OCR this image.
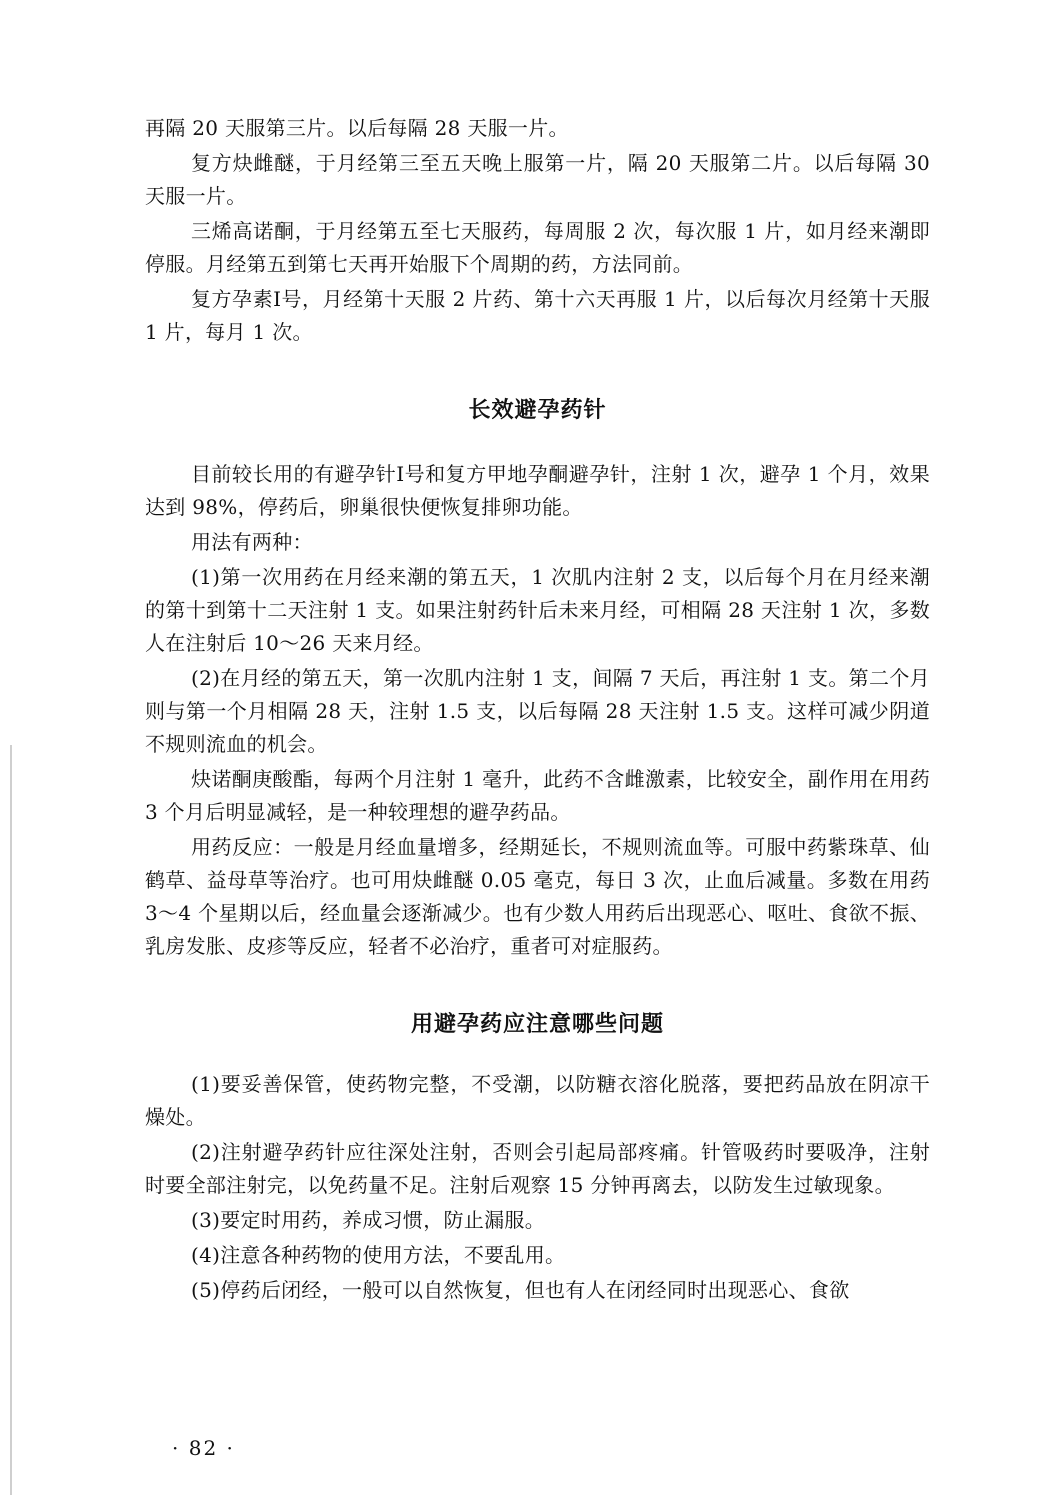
再隔 20 天服第三片。以后每隔 28 天服一片。

复方炔雌醚，于月经第三至五天晚上服第一片，隔 20 天服第二片。以后每隔 30 天服一片。

三烯高诺酮，于月经第五至七天服药，每周服 2 次，每次服 1 片，如月经来潮即停服。月经第五到第七天再开始服下个周期的药，方法同前。

复方孕素Ⅰ号，月经第十天服 2 片药、第十六天再服 1 片，以后每次月经第十天服 1 片，每月 1 次。

长效避孕药针

目前较长用的有避孕针Ⅰ号和复方甲地孕酮避孕针，注射 1 次，避孕 1 个月，效果达到 98%，停药后，卵巢很快便恢复排卵功能。

用法有两种：

(1)第一次用药在月经来潮的第五天，1 次肌内注射 2 支，以后每个月在月经来潮的第十到第十二天注射 1 支。如果注射药针后未来月经，可相隔 28 天注射 1 次，多数人在注射后 10～26 天来月经。

(2)在月经的第五天，第一次肌内注射 1 支，间隔 7 天后，再注射 1 支。第二个月则与第一个月相隔 28 天，注射 1.5 支，以后每隔 28 天注射 1.5 支。这样可减少阴道不规则流血的机会。

炔诺酮庚酸酯，每两个月注射 1 毫升，此药不含雌激素，比较安全，副作用在用药 3 个月后明显减轻，是一种较理想的避孕药品。

用药反应：一般是月经血量增多，经期延长，不规则流血等。可服中药紫珠草、仙鹤草、益母草等治疗。也可用炔雌醚 0.05 毫克，每日 3 次，止血后减量。多数在用药 3～4 个星期以后，经血量会逐渐减少。也有少数人用药后出现恶心、呕吐、食欲不振、乳房发胀、皮疹等反应，轻者不必治疗，重者可对症服药。

用避孕药应注意哪些问题

(1)要妥善保管，使药物完整，不受潮，以防糖衣溶化脱落，要把药品放在阴凉干燥处。

(2)注射避孕药针应往深处注射，否则会引起局部疼痛。针管吸药时要吸净，注射时要全部注射完，以免药量不足。注射后观察 15 分钟再离去，以防发生过敏现象。

(3)要定时用药，养成习惯，防止漏服。

(4)注意各种药物的使用方法，不要乱用。

(5)停药后闭经，一般可以自然恢复，但也有人在闭经同时出现恶心、食欲

· 82 ·
